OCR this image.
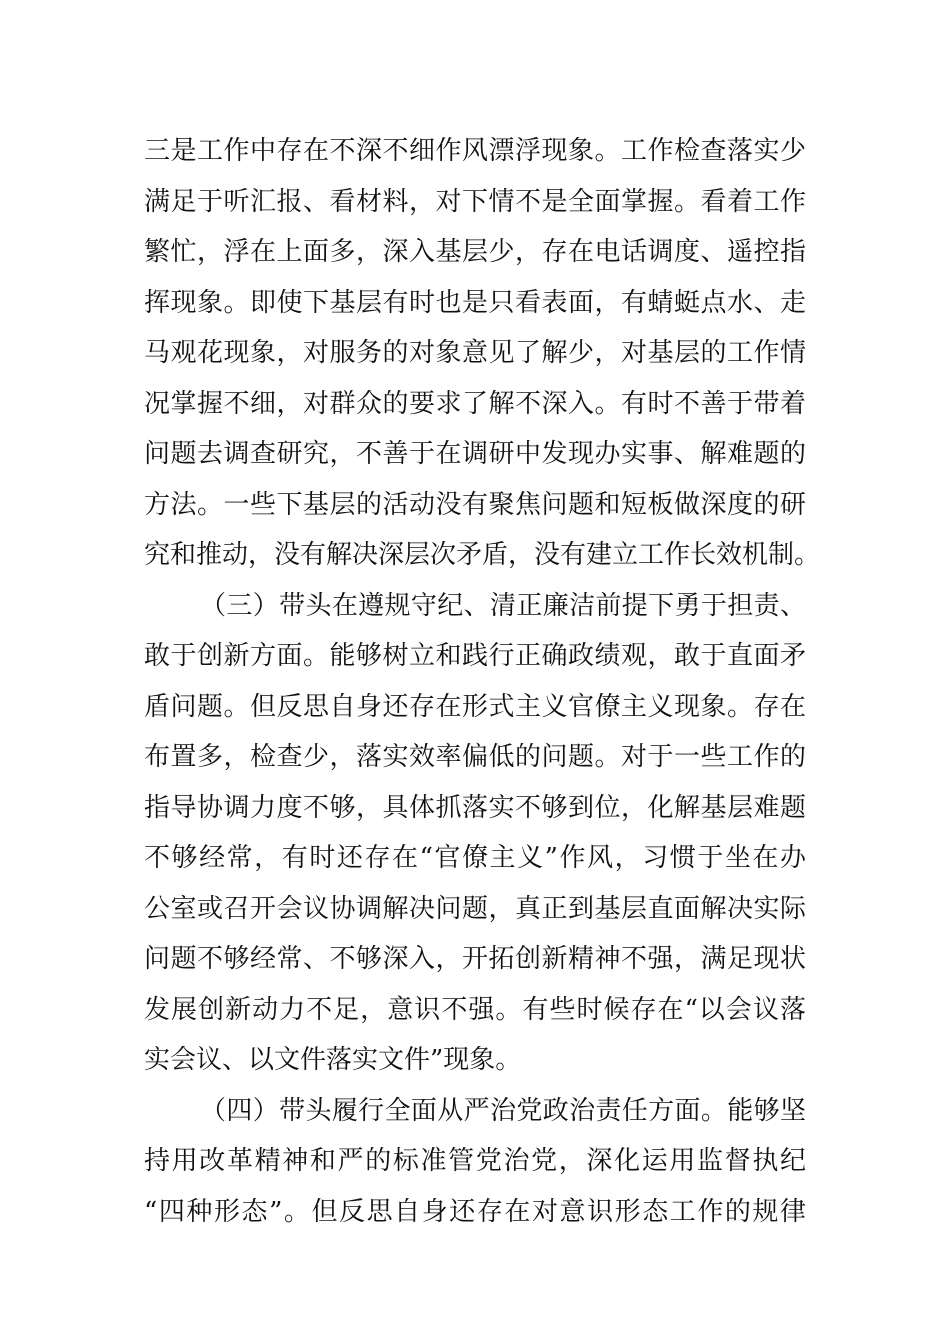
三是工作中存在不深不细作风漂浮现象。工作检查落实少
满足于听汇报、看材料，对下情不是全面掌握。看着工作
繁忙，浮在上面多，深入基层少，存在电话调度、遥控指
挥现象。即使下基层有时也是只看表面，有蜻蜓点水、走
马观花现象，对服务的对象意见了解少，对基层的工作情
况掌握不细，对群众的要求了解不深入。有时不善于带着
问题去调查研究，不善于在调研中发现办实事、解难题的
方法。一些下基层的活动没有聚焦问题和短板做深度的研
究和推动，没有解决深层次矛盾，没有建立工作长效机制。
（三）带头在遵规守纪、清正廉洁前提下勇于担责、
敢于创新方面。能够树立和践行正确政绩观，敢于直面矛
盾问题。但反思自身还存在形式主义官僚主义现象。存在
布置多，检查少，落实效率偏低的问题。对于一些工作的
指导协调力度不够，具体抓落实不够到位，化解基层难题
不够经常，有时还存在“官僚主义”作风，习惯于坐在办
公室或召开会议协调解决问题，真正到基层直面解决实际
问题不够经常、不够深入，开拓创新精神不强，满足现状
发展创新动力不足，意识不强。有些时候存在“以会议落
实会议、以文件落实文件”现象。
（四）带头履行全面从严治党政治责任方面。能够坚
持用改革精神和严的标准管党治党，深化运用监督执纪
“四种形态”。但反思自身还存在对意识形态工作的规律
